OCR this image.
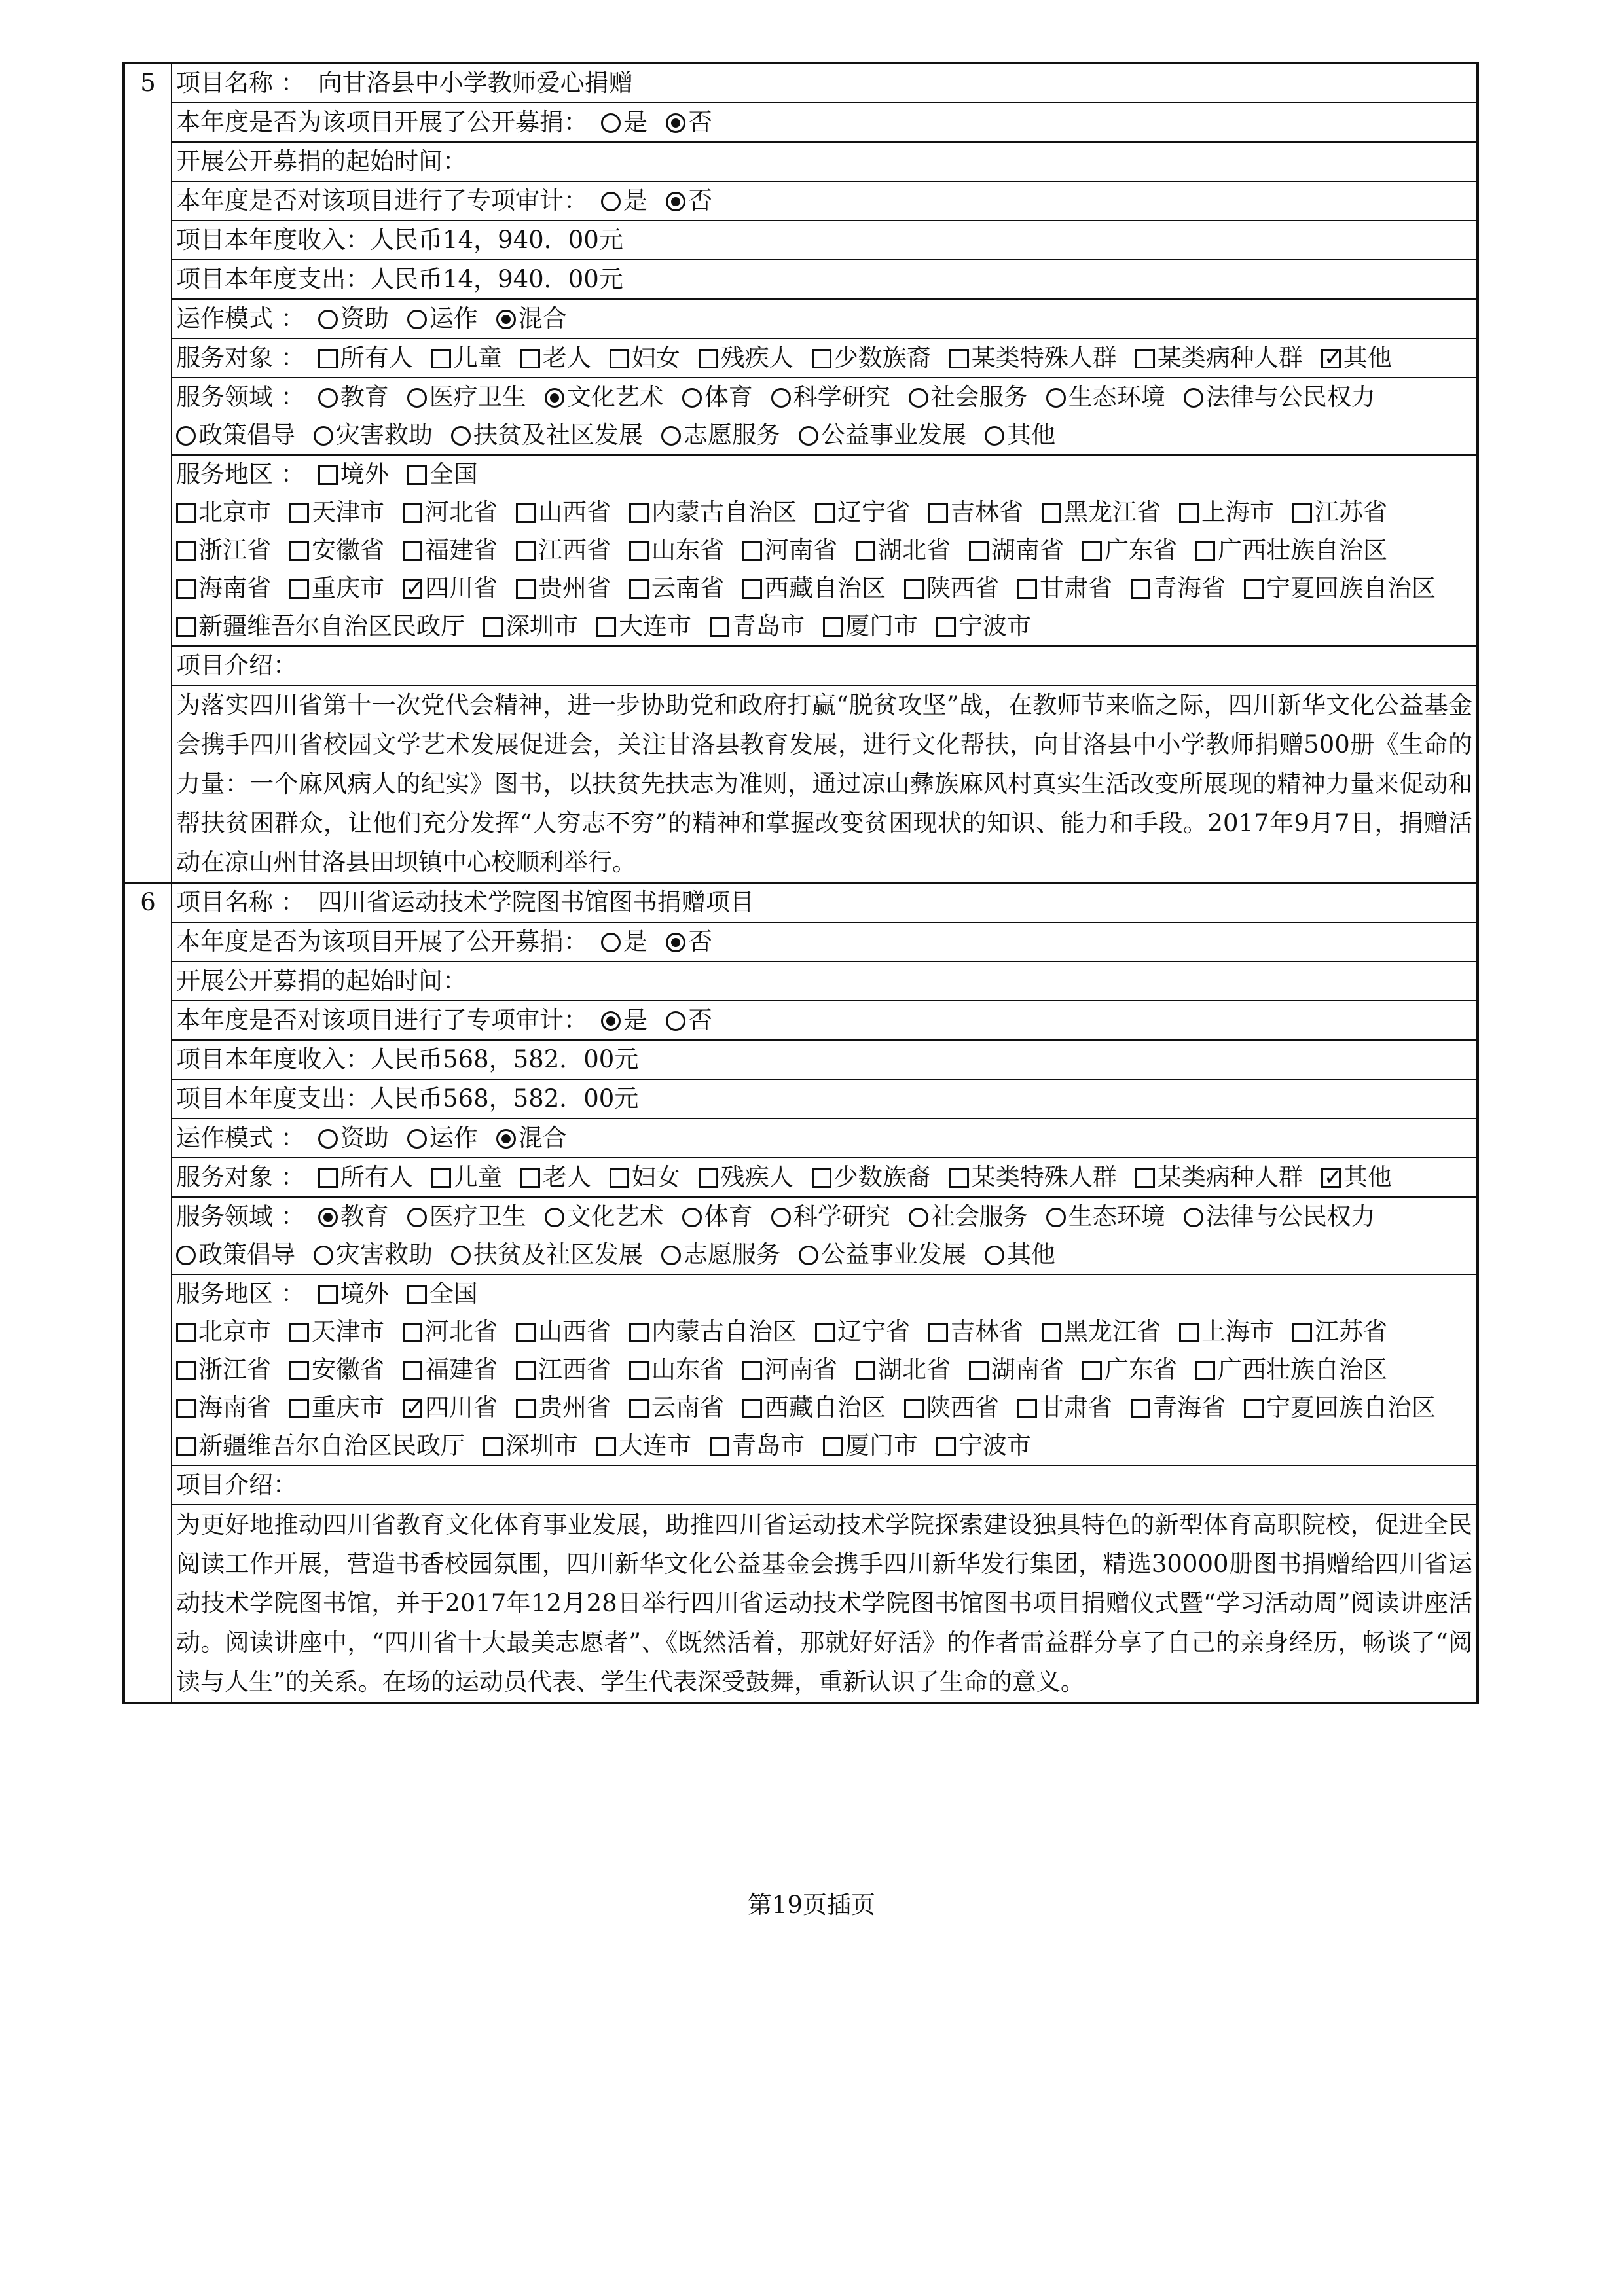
5	项目名称 ： 向甘洛县中小学教师爱心捐赠
	本年度是否为该项目开展了公开募捐： 是 否
	开展公开募捐的起始时间：
	本年度是否对该项目进行了专项审计： 是 否
	项目本年度收入：人民币14，940．00元
	项目本年度支出：人民币14，940．00元
	运作模式 ： 资助 运作 混合
	服务对象 ： 所有人 儿童 老人 妇女 残疾人 少数族裔 某类特殊人群 某类病种人群 ✓ 其他
	服务领域 ： 教育 医疗卫生 文化艺术 体育 科学研究 社会服务 生态环境 法律与公民权力政策倡导 灾害救助 扶贫及社区发展 志愿服务 公益事业发展 其他

	服务地区 ： 境外 全国
北京市 天津市 河北省 山西省 内蒙古自治区 辽宁省 吉林省 黑龙江省 上海市 江苏省浙江省 安徽省 福建省 江西省 山东省 河南省 湖北省 湖南省 广东省 广西壮族自治区海南省 重庆市 ✓ 四川省 贵州省 云南省 西藏自治区 陕西省 甘肃省 青海省 宁夏回族自治区新疆维吾尔自治区民政厅 深圳市 大连市 青岛市 厦门市 宁波市

	项目介绍：

	为落实四川省第十一次党代会精神，进一步协助党和政府打赢“脱贫攻坚”战，在教师节来临之际，四川新华文化公益基金会携手四川省校园文学艺术发展促进会，关注甘洛县教育发展，进行文化帮扶，向甘洛县中小学教师捐赠500册《生命的力量：一个麻风病人的纪实》图书，以扶贫先扶志为准则，通过凉山彝族麻风村真实生活改变所展现的精神力量来促动和帮扶贫困群众，让他们充分发挥“人穷志不穷”的精神和掌握改变贫困现状的知识、能力和手段。2017年9月7日，捐赠活动在凉山州甘洛县田坝镇中心校顺利举行。

6	项目名称 ： 四川省运动技术学院图书馆图书捐赠项目
	本年度是否为该项目开展了公开募捐： 是 否
	开展公开募捐的起始时间：
	本年度是否对该项目进行了专项审计： 是 否
	项目本年度收入：人民币568，582．00元
	项目本年度支出：人民币568，582．00元
	运作模式 ： 资助 运作 混合
	服务对象 ： 所有人 儿童 老人 妇女 残疾人 少数族裔 某类特殊人群 某类病种人群 ✓ 其他
	服务领域 ： 教育 医疗卫生 文化艺术 体育 科学研究 社会服务 生态环境 法律与公民权力政策倡导 灾害救助 扶贫及社区发展 志愿服务 公益事业发展 其他

	服务地区 ： 境外 全国
北京市 天津市 河北省 山西省 内蒙古自治区 辽宁省 吉林省 黑龙江省 上海市 江苏省浙江省 安徽省 福建省 江西省 山东省 河南省 湖北省 湖南省 广东省 广西壮族自治区海南省 重庆市 ✓ 四川省 贵州省 云南省 西藏自治区 陕西省 甘肃省 青海省 宁夏回族自治区新疆维吾尔自治区民政厅 深圳市 大连市 青岛市 厦门市 宁波市

	项目介绍：

	为更好地推动四川省教育文化体育事业发展，助推四川省运动技术学院探索建设独具特色的新型体育高职院校，促进全民阅读工作开展，营造书香校园氛围，四川新华文化公益基金会携手四川新华发行集团，精选30000册图书捐赠给四川省运动技术学院图书馆，并于2017年12月28日举行四川省运动技术学院图书馆图书项目捐赠仪式暨“学习活动周”阅读讲座活动。阅读讲座中，“四川省十大最美志愿者”、《既然活着，那就好好活》的作者雷益群分享了自己的亲身经历，畅谈了“阅读与人生”的关系。在场的运动员代表、学生代表深受鼓舞，重新认识了生命的意义。
第19页插页
